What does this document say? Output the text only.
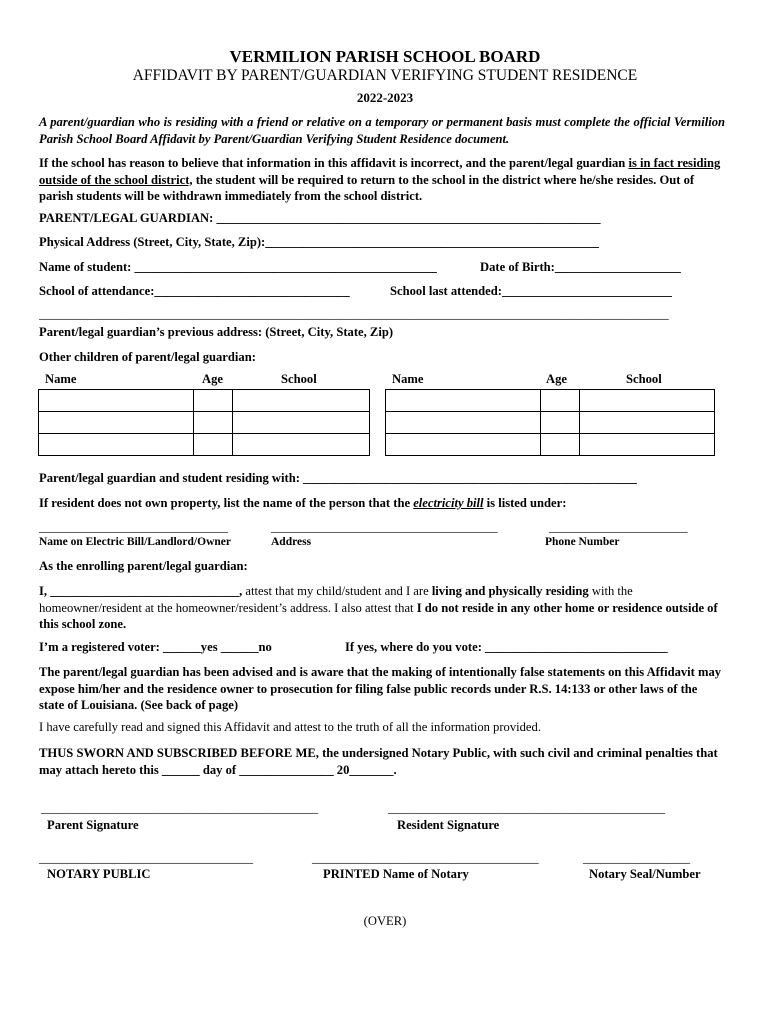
VERMILION PARISH SCHOOL BOARD
AFFIDAVIT BY PARENT/GUARDIAN VERIFYING STUDENT RESIDENCE
2022-2023
A parent/guardian who is residing with a friend or relative on a temporary or permanent basis must complete the official Vermilion Parish School Board Affidavit by Parent/Guardian Verifying Student Residence document.
If the school has reason to believe that information in this affidavit is incorrect, and the parent/legal guardian is in fact residing outside of the school district, the student will be required to return to the school in the district where he/she resides. Out of parish students will be withdrawn immediately from the school district.
PARENT/LEGAL GUARDIAN: _____________________________________________________________
Physical Address (Street, City, State, Zip):_____________________________________________________
Name of student: ________________________________________________	Date of Birth:____________________
School of attendance:_______________________________	School last attended:___________________________
____________________________________________________________________________________________________
Parent/legal guardian’s previous address: (Street, City, State, Zip)
Other children of parent/legal guardian:
Name	Age	School	Name	Age	School

Parent/legal guardian and student residing with: _____________________________________________________
If resident does not own property, list the name of the person that the electricity bill is listed under:
______________________________	____________________________________	______________________
Name on Electric Bill/Landlord/Owner	Address	Phone Number
As the enrolling parent/legal guardian:
I, ______________________________, attest that my child/student and I are living and physically residing with the homeowner/resident at the homeowner/resident’s address. I also attest that I do not reside in any other home or residence outside of this school zone.
I’m a registered voter: ______yes ______no	If yes, where do you vote: _____________________________
The parent/legal guardian has been advised and is aware that the making of intentionally false statements on this Affidavit may expose him/her and the residence owner to prosecution for filing false public records under R.S. 14:133 or other laws of the state of Louisiana. (See back of page)
I have carefully read and signed this Affidavit and attest to the truth of all the information provided.
THUS SWORN AND SUBSCRIBED BEFORE ME, the undersigned Notary Public, with such civil and criminal penalties that may attach hereto this ______ day of _______________ 20_______.
____________________________________________
Parent Signature
____________________________________________
Resident Signature
__________________________________
NOTARY PUBLIC
____________________________________
PRINTED Name of Notary
_________________
Notary Seal/Number
(OVER)
